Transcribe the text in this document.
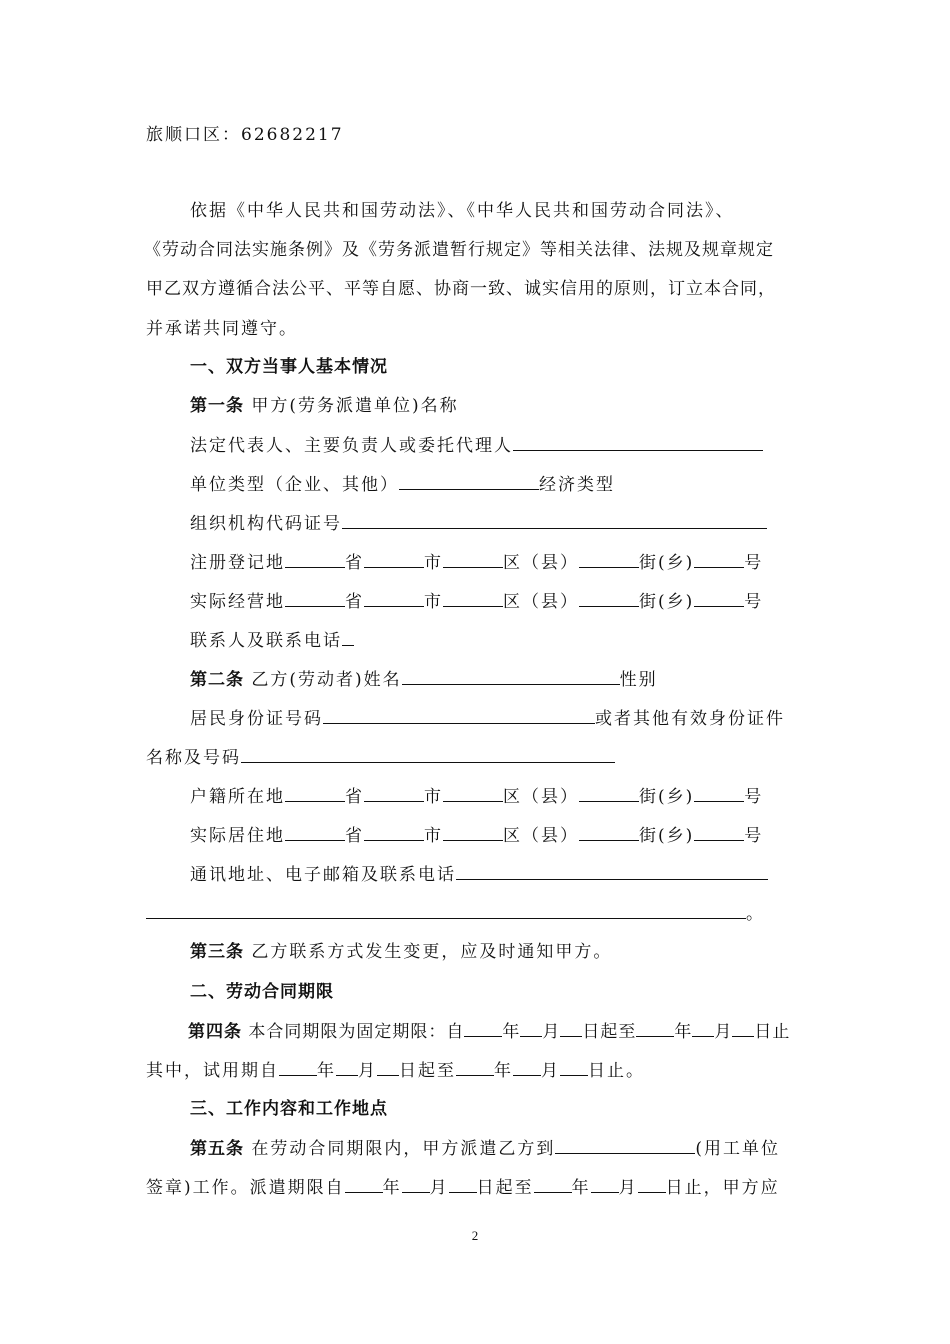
旅顺口区：62682217
依据《中华人民共和国劳动法》、《中华人民共和国劳动合同法》、
《劳动合同法实施条例》及《劳务派遣暂行规定》等相关法律、法规及规章规定
甲乙双方遵循合法公平、平等自愿、协商一致、诚实信用的原则，订立本合同，
并承诺共同遵守。
一、双方当事人基本情况
第一条 甲方(劳务派遣单位)名称
法定代表人、主要负责人或委托代理人
单位类型（企业、其他）	经济类型
组织机构代码证号
注册登记地	省	市	区（县）	街(乡)	号
实际经营地	省	市	区（县）	街(乡)	号
联系人及联系电话
第二条 乙方(劳动者)姓名	性别
居民身份证号码	或者其他有效身份证件
名称及号码
户籍所在地	省	市	区（县）	街(乡)	号
实际居住地	省	市	区（县）	街(乡)	号
通讯地址、电子邮箱及联系电话
。
第三条 乙方联系方式发生变更，应及时通知甲方。
二、劳动合同期限
第四条 本合同期限为固定期限：自 年 月 日起至 年 月 日止
其中，试用期自 年 月 日起至 年 月 日止。
三、工作内容和工作地点
第五条 在劳动合同期限内，甲方派遣乙方到	(用工单位
签章)工作。派遣期限自 年 月 日起至 年 月 日止，甲方应
2
